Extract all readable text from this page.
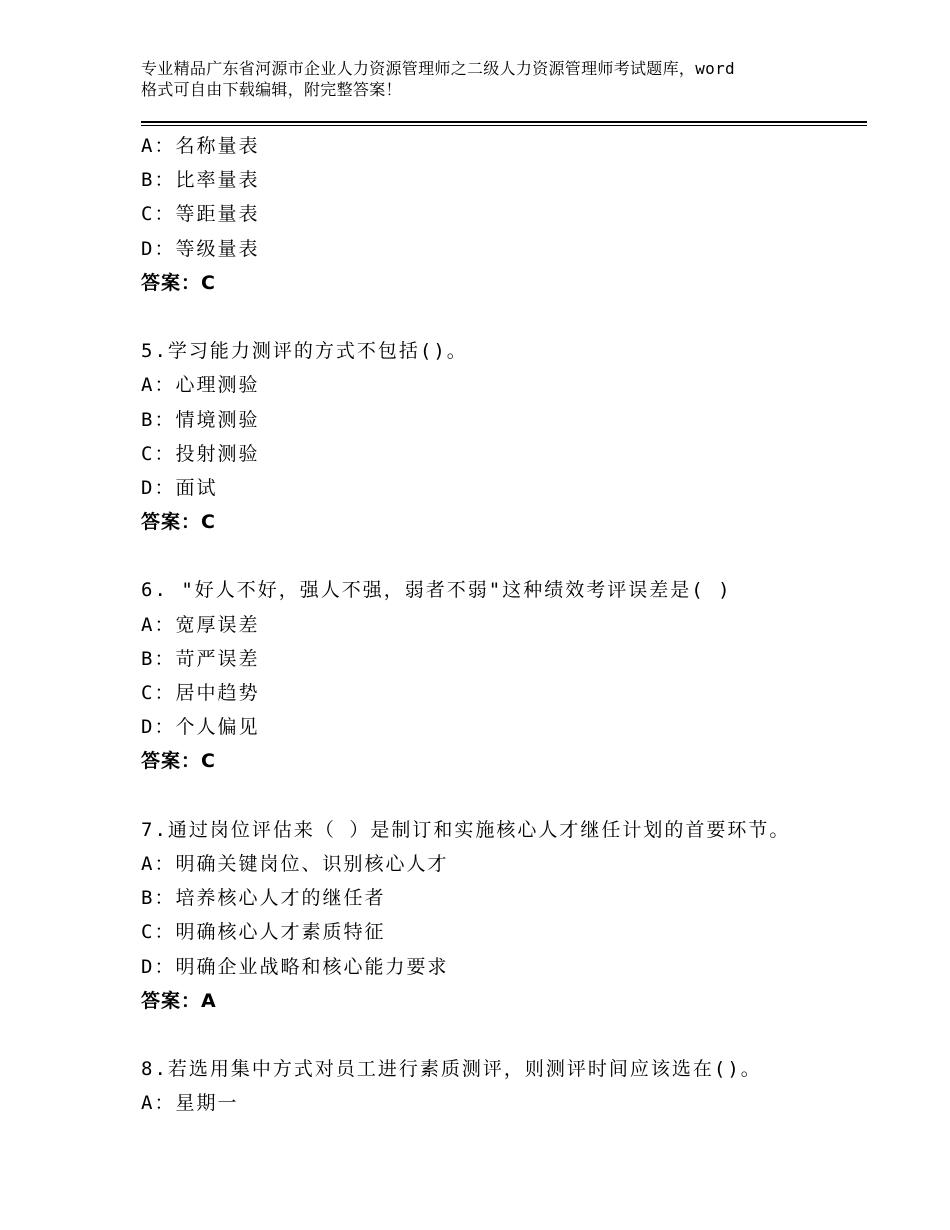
专业精品广东省河源市企业人力资源管理师之二级人力资源管理师考试题库，word
格式可自由下载编辑，附完整答案！
A：名称量表
B：比率量表
C：等距量表
D：等级量表
答案：C
5.学习能力测评的方式不包括()。
A：心理测验
B：情境测验
C：投射测验
D：面试
答案：C
6. "好人不好，强人不强，弱者不弱"这种绩效考评误差是( )
A：宽厚误差
B：苛严误差
C：居中趋势
D：个人偏见
答案：C
7.通过岗位评估来（ ）是制订和实施核心人才继任计划的首要环节。
A：明确关键岗位、识别核心人才
B：培养核心人才的继任者
C：明确核心人才素质特征
D：明确企业战略和核心能力要求
答案：A
8.若选用集中方式对员工进行素质测评，则测评时间应该选在()。
A：星期一
